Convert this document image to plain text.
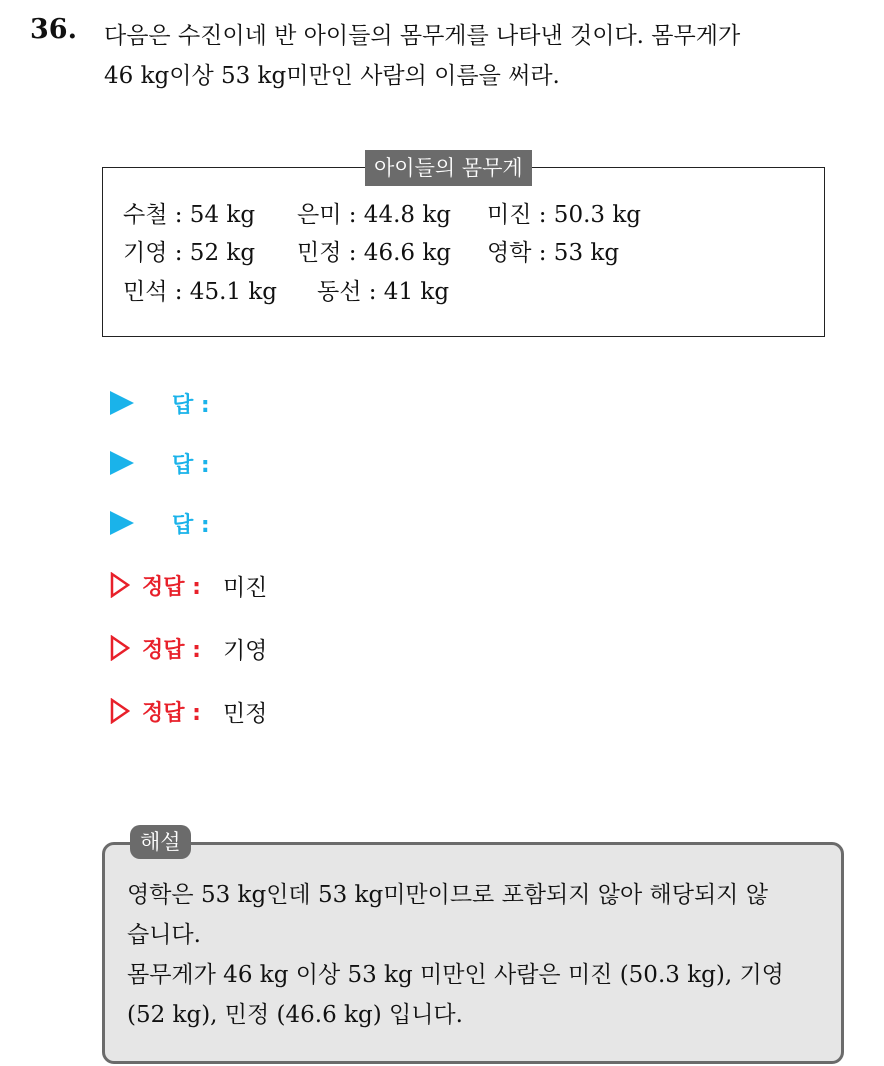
36. 다음은 수진이네 반 아이들의 몸무게를 나타낸 것이다. 몸무게가
46 kg이상 53 kg미만인 사람의 이름을 써라.
아이들의 몸무게
수철 : 54 kg 은미 : 44.8 kg 미진 : 50.3 kg
기영 : 52 kg 민정 : 46.6 kg 영학 : 53 kg
민석 : 45.1 kg 동선 : 41 kg
답 :
답 :
답 :
정답 : 미진
정답 : 기영
정답 : 민정
해설
영학은 53 kg인데 53 kg미만이므로 포함되지 않아 해당되지 않
습니다.
몸무게가 46 kg 이상 53 kg 미만인 사람은 미진 (50.3 kg), 기영
(52 kg), 민정 (46.6 kg) 입니다.
